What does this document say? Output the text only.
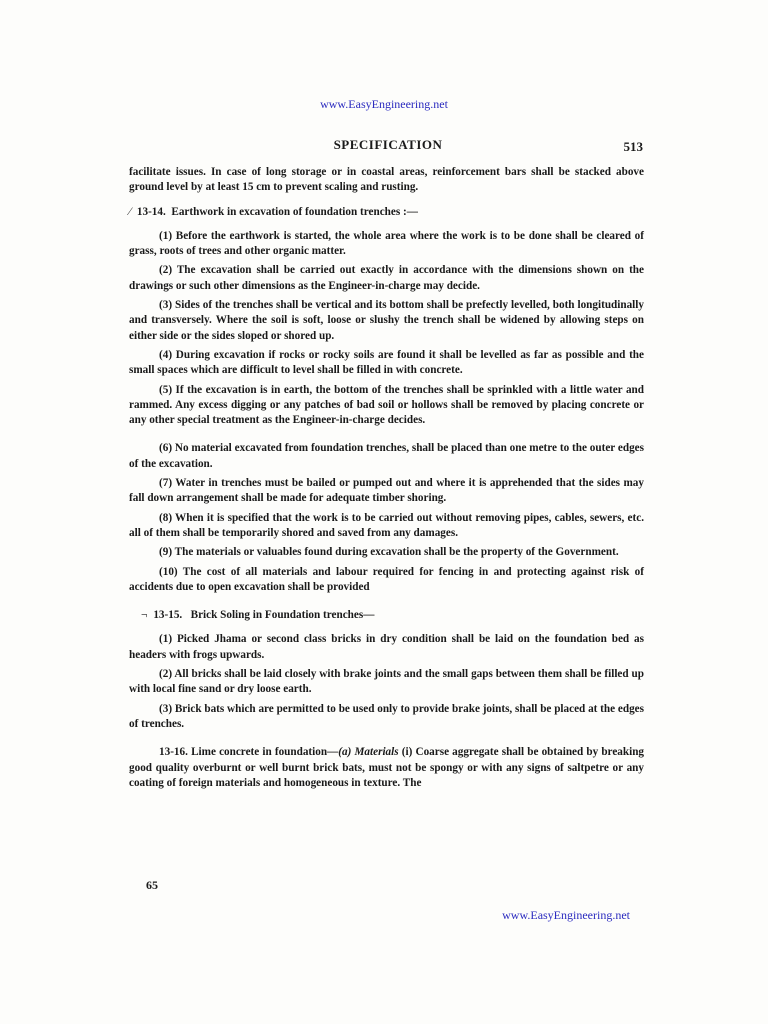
www.EasyEngineering.net
SPECIFICATION	513

facilitate issues. In case of long storage or in coastal areas, reinforcement bars shall be stacked above ground level by at least 15 cm to prevent scaling and rusting.

⁄ 13-14. Earthwork in excavation of foundation trenches :—

(1) Before the earthwork is started, the whole area where the work is to be done shall be cleared of grass, roots of trees and other organic matter.

(2) The excavation shall be carried out exactly in accordance with the dimensions shown on the drawings or such other dimensions as the Engineer-in-charge may decide.

(3) Sides of the trenches shall be vertical and its bottom shall be prefectly levelled, both longitudinally and transversely. Where the soil is soft, loose or slushy the trench shall be widened by allowing steps on either side or the sides sloped or shored up.

(4) During excavation if rocks or rocky soils are found it shall be levelled as far as possible and the small spaces which are difficult to level shall be filled in with concrete.

(5) If the excavation is in earth, the bottom of the trenches shall be sprinkled with a little water and rammed. Any excess digging or any patches of bad soil or hollows shall be removed by placing concrete or any other special treatment as the Engineer-in-charge decides.

(6) No material excavated from foundation trenches, shall be placed than one metre to the outer edges of the excavation.

(7) Water in trenches must be bailed or pumped out and where it is apprehended that the sides may fall down arrangement shall be made for adequate timber shoring.

(8) When it is specified that the work is to be carried out without removing pipes, cables, sewers, etc. all of them shall be temporarily shored and saved from any damages.

(9) The materials or valuables found during excavation shall be the property of the Government.

(10) The cost of all materials and labour required for fencing in and protecting against risk of accidents due to open excavation shall be provided

¬ 13-15. Brick Soling in Foundation trenches—

(1) Picked Jhama or second class bricks in dry condition shall be laid on the foundation bed as headers with frogs upwards.

(2) All bricks shall be laid closely with brake joints and the small gaps between them shall be filled up with local fine sand or dry loose earth.

(3) Brick bats which are permitted to be used only to provide brake joints, shall be placed at the edges of trenches.

13-16. Lime concrete in foundation—(a) Materials (i) Coarse aggregate shall be obtained by breaking good quality overburnt or well burnt brick bats, must not be spongy or with any signs of saltpetre or any coating of foreign materials and homogeneous in texture. The

65
www.EasyEngineering.net
